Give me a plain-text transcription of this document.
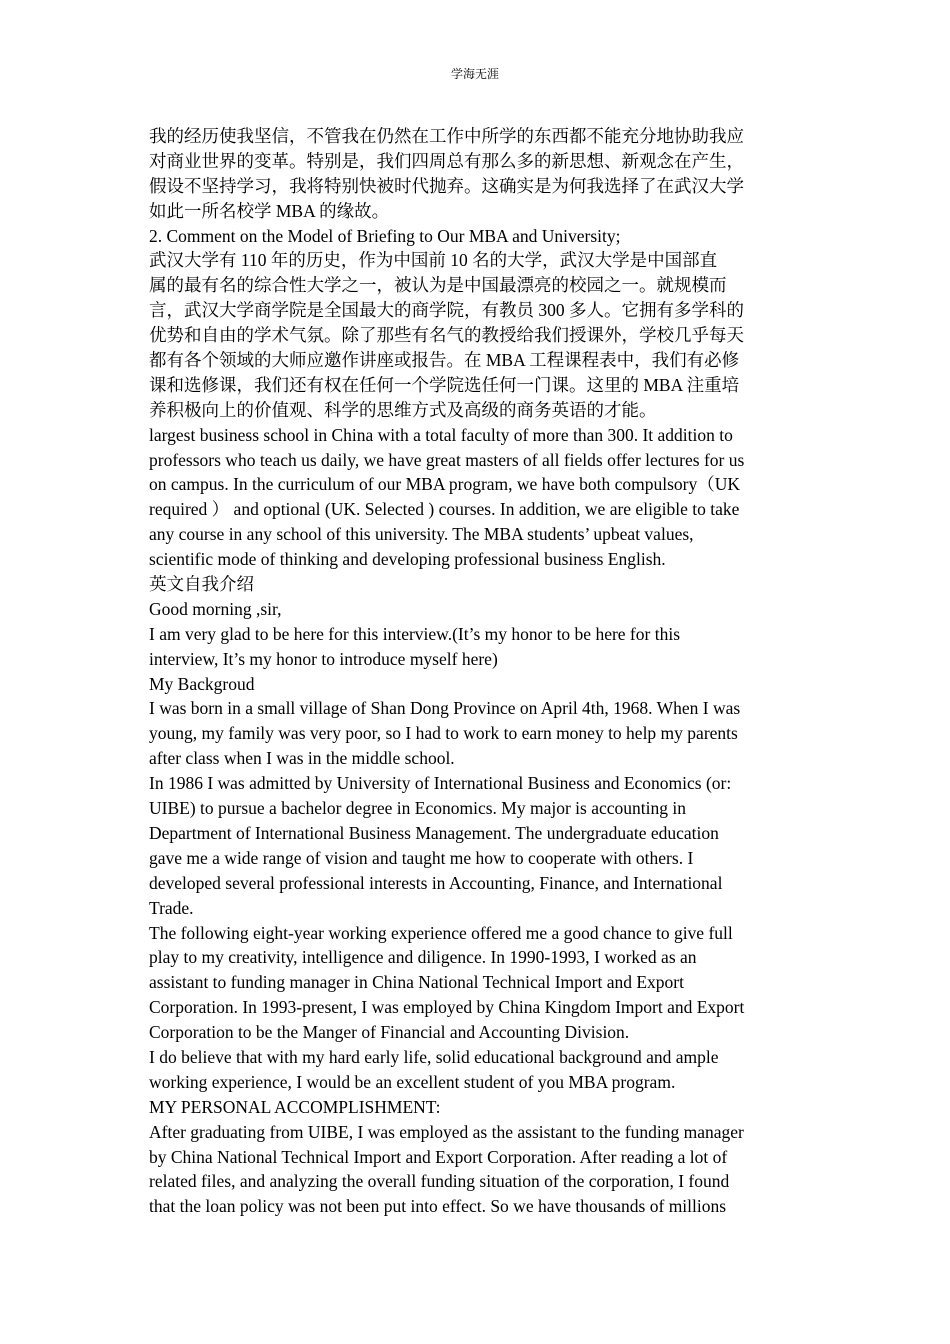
学海无涯
我的经历使我坚信，不管我在仍然在工作中所学的东西都不能充分地协助我应
对商业世界的变革。特别是，我们四周总有那么多的新思想、新观念在产生，
假设不坚持学习，我将特别快被时代抛弃。这确实是为何我选择了在武汉大学
如此一所名校学 MBA 的缘故。
2. Comment on the Model of Briefing to Our MBA and University;
武汉大学有 110 年的历史，作为中国前 10 名的大学，武汉大学是中国部直
属的最有名的综合性大学之一，被认为是中国最漂亮的校园之一。就规模而
言，武汉大学商学院是全国最大的商学院，有教员 300 多人。它拥有多学科的
优势和自由的学术气氛。除了那些有名气的教授给我们授课外，学校几乎每天
都有各个领域的大师应邀作讲座或报告。在 MBA 工程课程表中，我们有必修
课和选修课，我们还有权在任何一个学院选任何一门课。这里的 MBA 注重培
养积极向上的价值观、科学的思维方式及高级的商务英语的才能。
largest business school in China with a total faculty of more than 300. It addition to
professors who teach us daily, we have great masters of all fields offer lectures for us
on campus. In the curriculum of our MBA program, we have both compulsory（UK
required ） and optional (UK. Selected ) courses. In addition, we are eligible to take
any course in any school of this university. The MBA students’ upbeat values,
scientific mode of thinking and developing professional business English.
英文自我介绍
Good morning ,sir,
I am very glad to be here for this interview.(It’s my honor to be here for this
interview, It’s my honor to introduce myself here)
My Backgroud
I was born in a small village of Shan Dong Province on April 4th, 1968. When I was
young, my family was very poor, so I had to work to earn money to help my parents
after class when I was in the middle school.
In 1986 I was admitted by University of International Business and Economics (or:
UIBE) to pursue a bachelor degree in Economics. My major is accounting in
Department of International Business Management. The undergraduate education
gave me a wide range of vision and taught me how to cooperate with others. I
developed several professional interests in Accounting, Finance, and International
Trade.
The following eight-year working experience offered me a good chance to give full
play to my creativity, intelligence and diligence. In 1990-1993, I worked as an
assistant to funding manager in China National Technical Import and Export
Corporation. In 1993-present, I was employed by China Kingdom Import and Export
Corporation to be the Manger of Financial and Accounting Division.
I do believe that with my hard early life, solid educational background and ample
working experience, I would be an excellent student of you MBA program.
MY PERSONAL ACCOMPLISHMENT:
After graduating from UIBE, I was employed as the assistant to the funding manager
by China National Technical Import and Export Corporation. After reading a lot of
related files, and analyzing the overall funding situation of the corporation, I found
that the loan policy was not been put into effect. So we have thousands of millions
